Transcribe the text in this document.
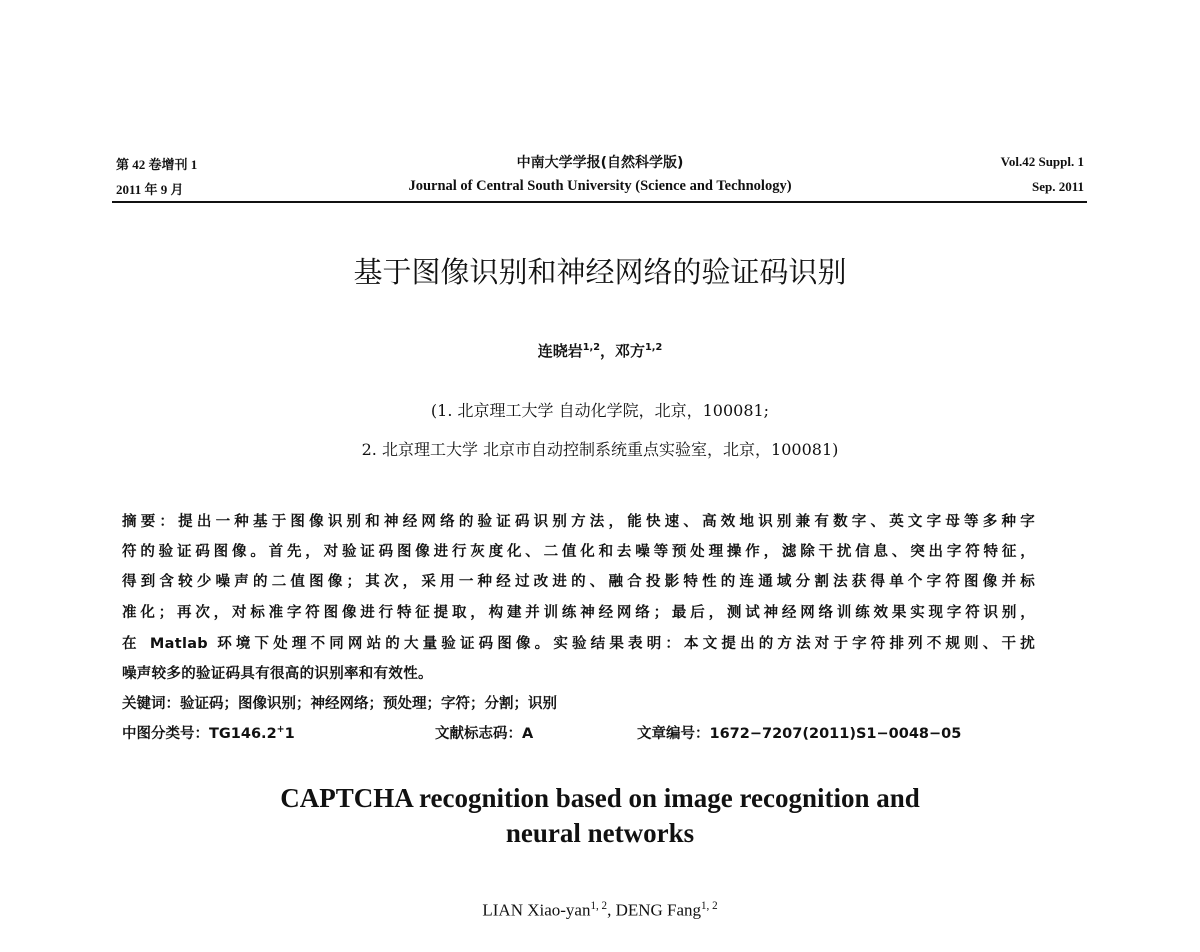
第 42 卷增刊 1
2011 年 9 月
中南大学学报(自然科学版)
Journal of Central South University (Science and Technology)
Vol.42 Suppl. 1
Sep. 2011
基于图像识别和神经网络的验证码识别
连晓岩$^{1,2}$，邓方$^{1,2}$
(1. 北京理工大学 自动化学院，北京，100081;
2. 北京理工大学 北京市自动控制系统重点实验室，北京，100081)
摘要：提出一种基于图像识别和神经网络的验证码识别方法，能快速、高效地识别兼有数字、英文字母等多种字
符的验证码图像。首先，对验证码图像进行灰度化、二值化和去噪等预处理操作，滤除干扰信息、突出字符特征，
得到含较少噪声的二值图像；其次，采用一种经过改进的、融合投影特性的连通域分割法获得单个字符图像并标
准化；再次，对标准字符图像进行特征提取，构建并训练神经网络；最后，测试神经网络训练效果实现字符识别，
在 Matlab 环境下处理不同网站的大量验证码图像。实验结果表明：本文提出的方法对于字符排列不规则、干扰
噪声较多的验证码具有很高的识别率和有效性。
关键词：验证码；图像识别；神经网络；预处理；字符；分割；识别
中图分类号：TG146.2+1	文献标志码：A	文章编号：1672−7207(2011)S1−0048−05
CAPTCHA recognition based on image recognition and
neural networks
LIAN Xiao-yan$^{1, 2}$, DENG Fang$^{1, 2}$
